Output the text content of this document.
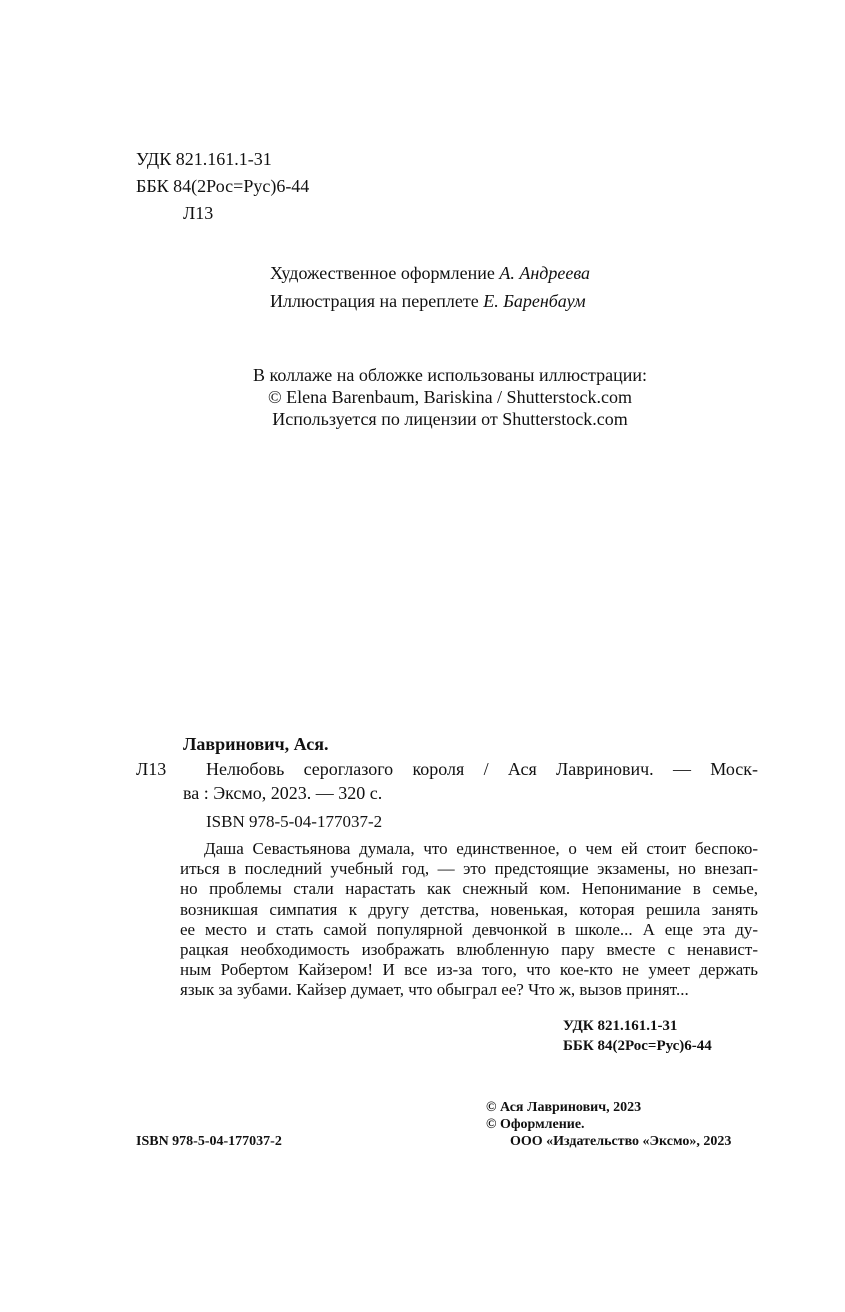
УДК 821.161.1-31
ББК 84(2Рос=Рус)6-44
Л13
Художественное оформление А. Андреева
Иллюстрация на переплете Е. Баренбаум
В коллаже на обложке использованы иллюстрации:
© Elena Barenbaum, Bariskina / Shutterstock.com
Используется по лицензии от Shutterstock.com
Лавринович, Ася.
Л13 Нелюбовь сероглазого короля / Ася Лавринович. — Моск-
ва : Эксмо, 2023. — 320 с.
ISBN 978-5-04-177037-2
Даша Севастьянова думала, что единственное, о чем ей стоит беспоко-
иться в последний учебный год, — это предстоящие экзамены, но внезап-
но проблемы стали нарастать как снежный ком. Непонимание в семье,
возникшая симпатия к другу детства, новенькая, которая решила занять
ее место и стать самой популярной девчонкой в школе... А еще эта ду-
рацкая необходимость изображать влюбленную пару вместе с ненавист-
ным Робертом Кайзером! И все из-за того, что кое-кто не умеет держать
язык за зубами. Кайзер думает, что обыграл ее? Что ж, вызов принят...
УДК 821.161.1-31
ББК 84(2Рос=Рус)6-44
© Ася Лавринович, 2023
© Оформление.
ООО «Издательство «Эксмо», 2023
ISBN 978-5-04-177037-2
